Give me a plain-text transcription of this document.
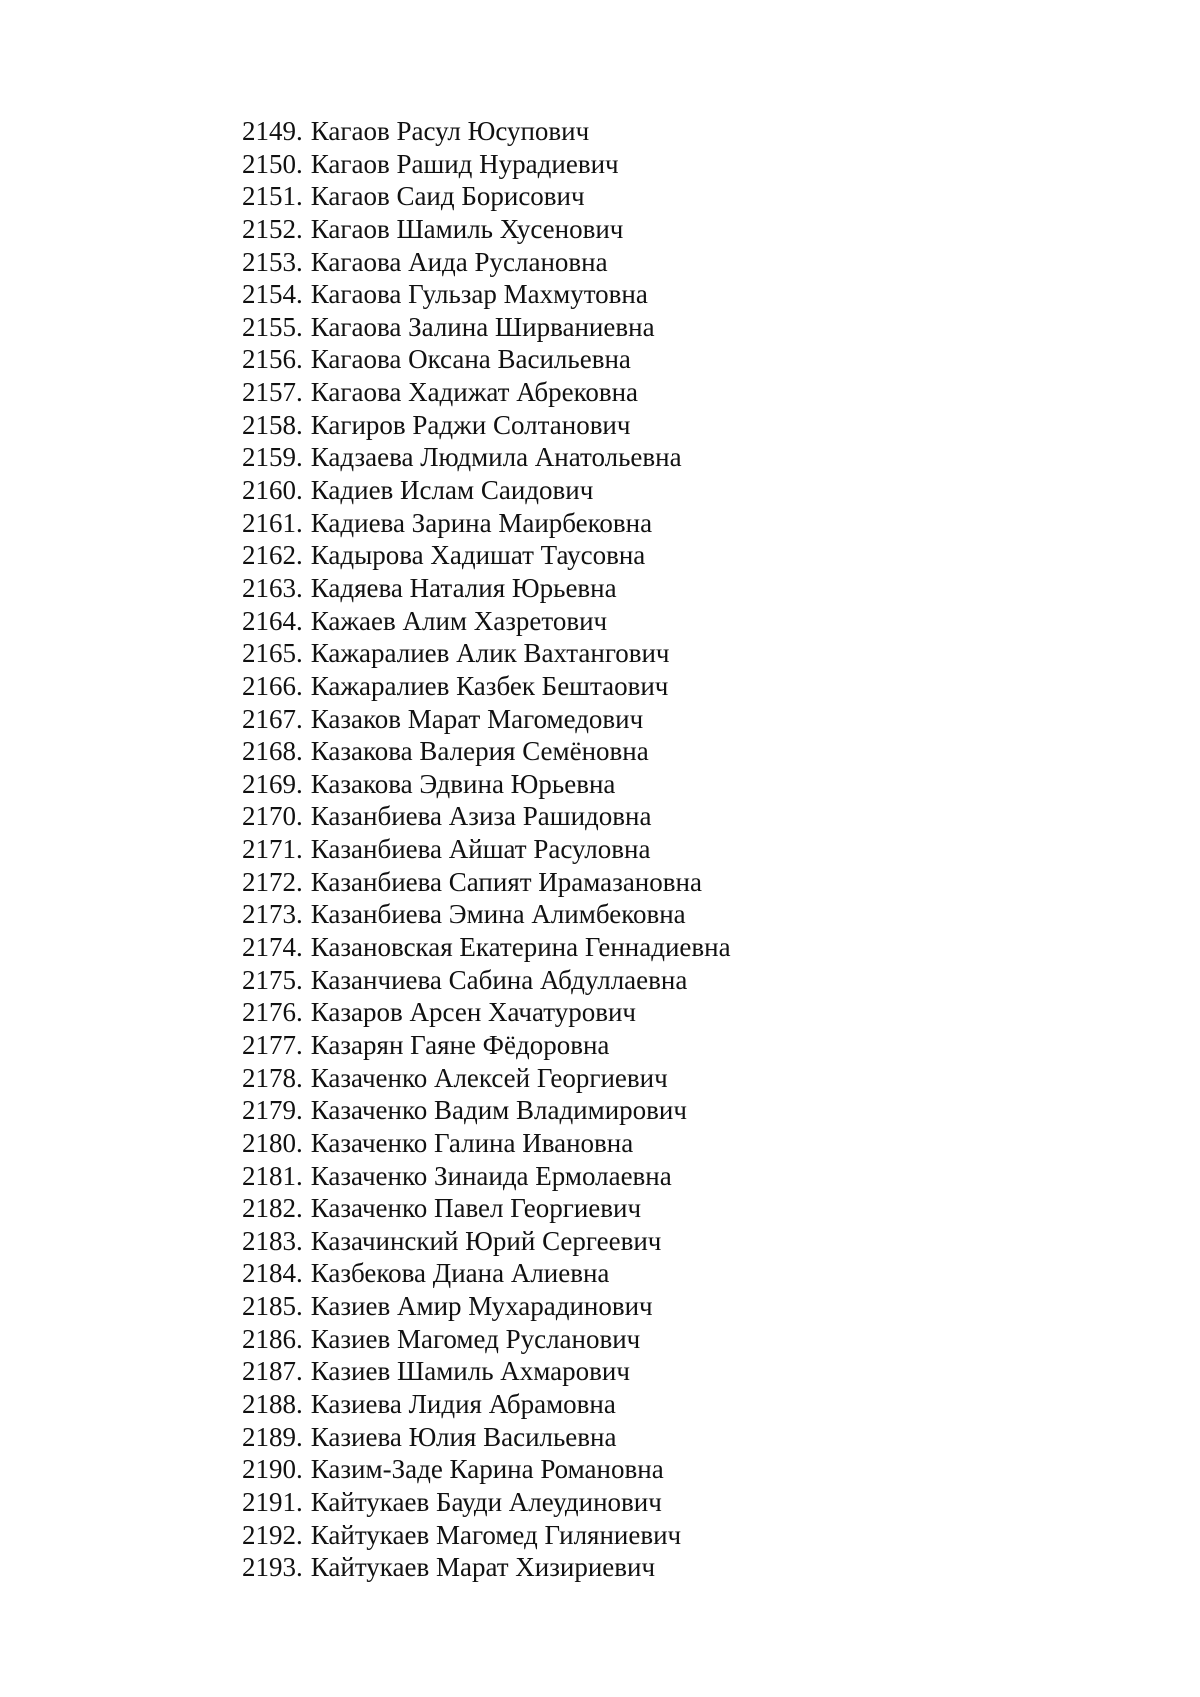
2149. Кагаов Расул Юсупович
2150. Кагаов Рашид Нурадиевич
2151. Кагаов Саид Борисович
2152. Кагаов Шамиль Хусенович
2153. Кагаова Аида Руслановна
2154. Кагаова Гульзар Махмутовна
2155. Кагаова Залина Ширваниевна
2156. Кагаова Оксана Васильевна
2157. Кагаова Хадижат Абрековна
2158. Кагиров Раджи Солтанович
2159. Кадзаева Людмила Анатольевна
2160. Кадиев Ислам Саидович
2161. Кадиева Зарина Маирбековна
2162. Кадырова Хадишат Таусовна
2163. Кадяева Наталия Юрьевна
2164. Кажаев Алим Хазретович
2165. Кажаралиев Алик Вахтангович
2166. Кажаралиев Казбек Бештаович
2167. Казаков Марат Магомедович
2168. Казакова Валерия Семёновна
2169. Казакова Эдвина Юрьевна
2170. Казанбиева Азиза Рашидовна
2171. Казанбиева Айшат Расуловна
2172. Казанбиева Сапият Ирамазановна
2173. Казанбиева Эмина Алимбековна
2174. Казановская Екатерина Геннадиевна
2175. Казанчиева Сабина Абдуллаевна
2176. Казаров Арсен Хачатурович
2177. Казарян Гаяне Фёдоровна
2178. Казаченко Алексей Георгиевич
2179. Казаченко Вадим Владимирович
2180. Казаченко Галина Ивановна
2181. Казаченко Зинаида Ермолаевна
2182. Казаченко Павел Георгиевич
2183. Казачинский Юрий Сергеевич
2184. Казбекова Диана Алиевна
2185. Казиев Амир Мухарадинович
2186. Казиев Магомед Русланович
2187. Казиев Шамиль Ахмарович
2188. Казиева Лидия Абрамовна
2189. Казиева Юлия Васильевна
2190. Казим-Заде Карина Романовна
2191. Кайтукаев Бауди Алеудинович
2192. Кайтукаев Магомед Гиляниевич
2193. Кайтукаев Марат Хизириевич
